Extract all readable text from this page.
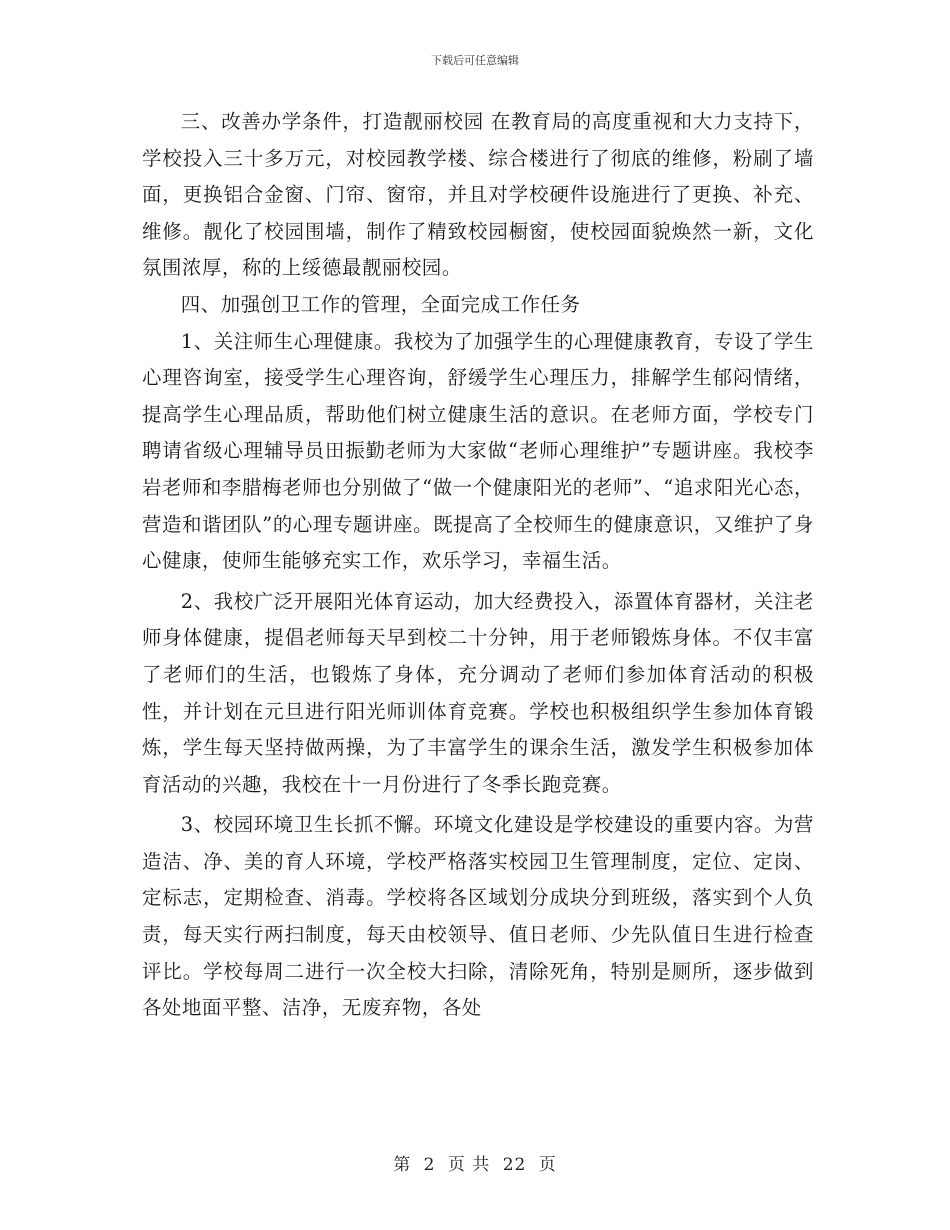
下载后可任意编辑

三、改善办学条件，打造靓丽校园 在教育局的高度重视和大力支持下，学校投入三十多万元，对校园教学楼、综合楼进行了彻底的维修，粉刷了墙面，更换铝合金窗、门帘、窗帘，并且对学校硬件设施进行了更换、补充、维修。靓化了校园围墙，制作了精致校园橱窗，使校园面貌焕然一新，文化氛围浓厚，称的上绥德最靓丽校园。

四、加强创卫工作的管理，全面完成工作任务

1、关注师生心理健康。我校为了加强学生的心理健康教育，专设了学生心理咨询室，接受学生心理咨询，舒缓学生心理压力，排解学生郁闷情绪，提高学生心理品质，帮助他们树立健康生活的意识。在老师方面，学校专门聘请省级心理辅导员田振勤老师为大家做“老师心理维护”专题讲座。我校李岩老师和李腊梅老师也分别做了“做一个健康阳光的老师”、“追求阳光心态，营造和谐团队”的心理专题讲座。既提高了全校师生的健康意识，又维护了身心健康，使师生能够充实工作，欢乐学习，幸福生活。

2、我校广泛开展阳光体育运动，加大经费投入，添置体育器材，关注老师身体健康，提倡老师每天早到校二十分钟，用于老师锻炼身体。不仅丰富了老师们的生活，也锻炼了身体，充分调动了老师们参加体育活动的积极性，并计划在元旦进行阳光师训体育竞赛。学校也积极组织学生参加体育锻炼，学生每天坚持做两操，为了丰富学生的课余生活，激发学生积极参加体育活动的兴趣，我校在十一月份进行了冬季长跑竞赛。

3、校园环境卫生长抓不懈。环境文化建设是学校建设的重要内容。为营造洁、净、美的育人环境，学校严格落实校园卫生管理制度，定位、定岗、定标志，定期检查、消毒。学校将各区域划分成块分到班级，落实到个人负责，每天实行两扫制度，每天由校领导、值日老师、少先队值日生进行检查评比。学校每周二进行一次全校大扫除，清除死角，特别是厕所，逐步做到各处地面平整、洁净，无废弃物，各处

第 2 页 共 22 页
